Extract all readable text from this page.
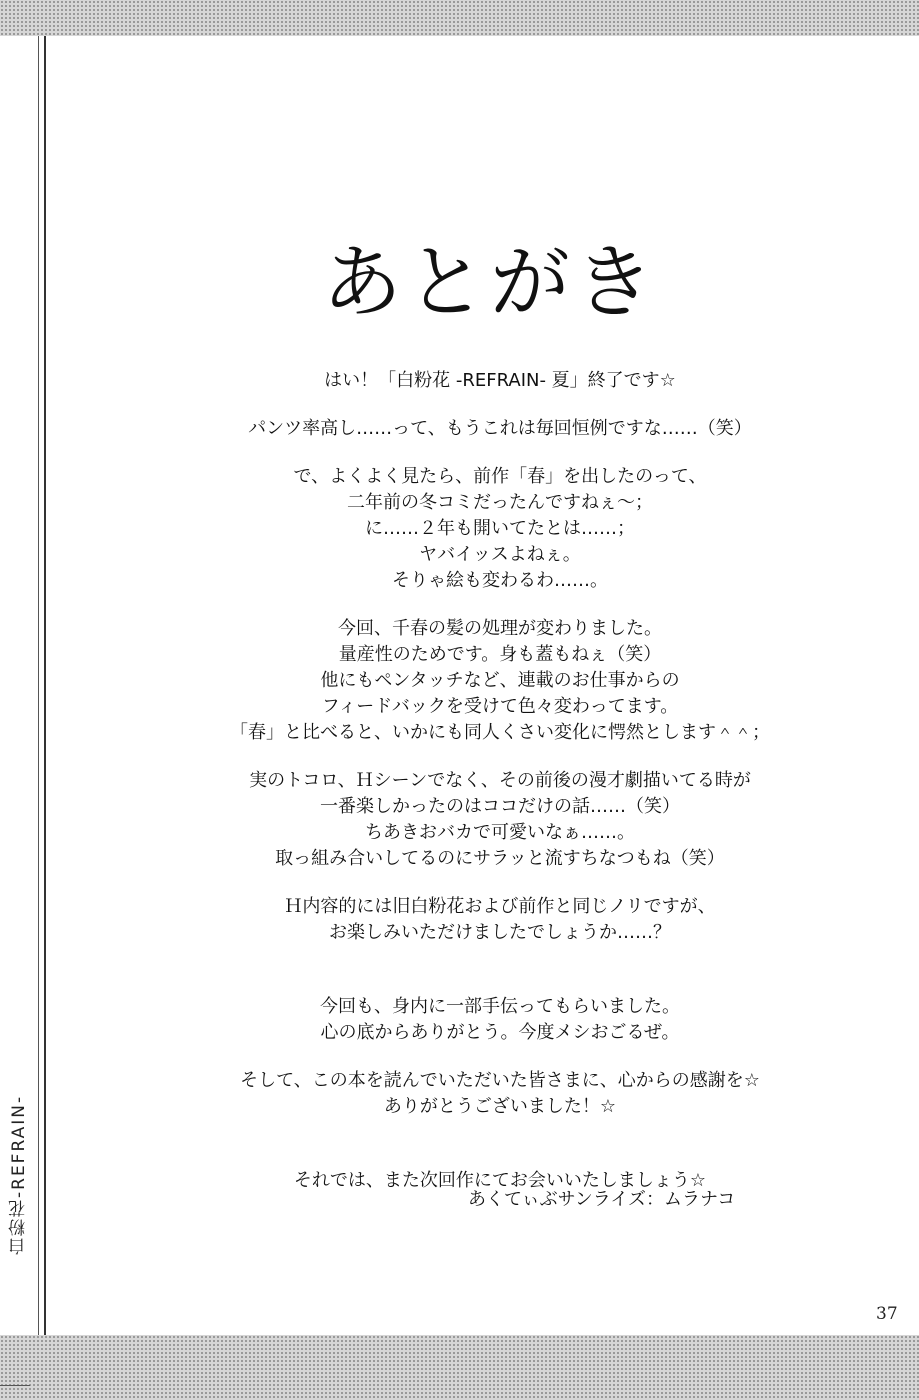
白粉花-REFRAIN-
あとがき
はい！「白粉花 -REFRAIN- 夏」終了です☆
パンツ率高し……って、もうこれは毎回恒例ですな……（笑）
で、よくよく見たら、前作「春」を出したのって、
二年前の冬コミだったんですねぇ～；
に……２年も開いてたとは……；
ヤバイッスよねぇ。
そりゃ絵も変わるわ……。
今回、千春の髪の処理が変わりました。
量産性のためです。身も蓋もねぇ（笑）
他にもペンタッチなど、連載のお仕事からの
フィードバックを受けて色々変わってます。
「春」と比べると、いかにも同人くさい変化に愕然とします＾＾；
実のトコロ、Ｈシーンでなく、その前後の漫才劇描いてる時が
一番楽しかったのはココだけの話……（笑）
ちあきおバカで可愛いなぁ……。
取っ組み合いしてるのにサラッと流すちなつもね（笑）
Ｈ内容的には旧白粉花および前作と同じノリですが、
お楽しみいただけましたでしょうか……？
今回も、身内に一部手伝ってもらいました。
心の底からありがとう。今度メシおごるぜ。
そして、この本を読んでいただいた皆さまに、心からの感謝を☆
ありがとうございました！☆
それでは、また次回作にてお会いいたしましょう☆
あくてぃぶサンライズ：ムラナコ
37
